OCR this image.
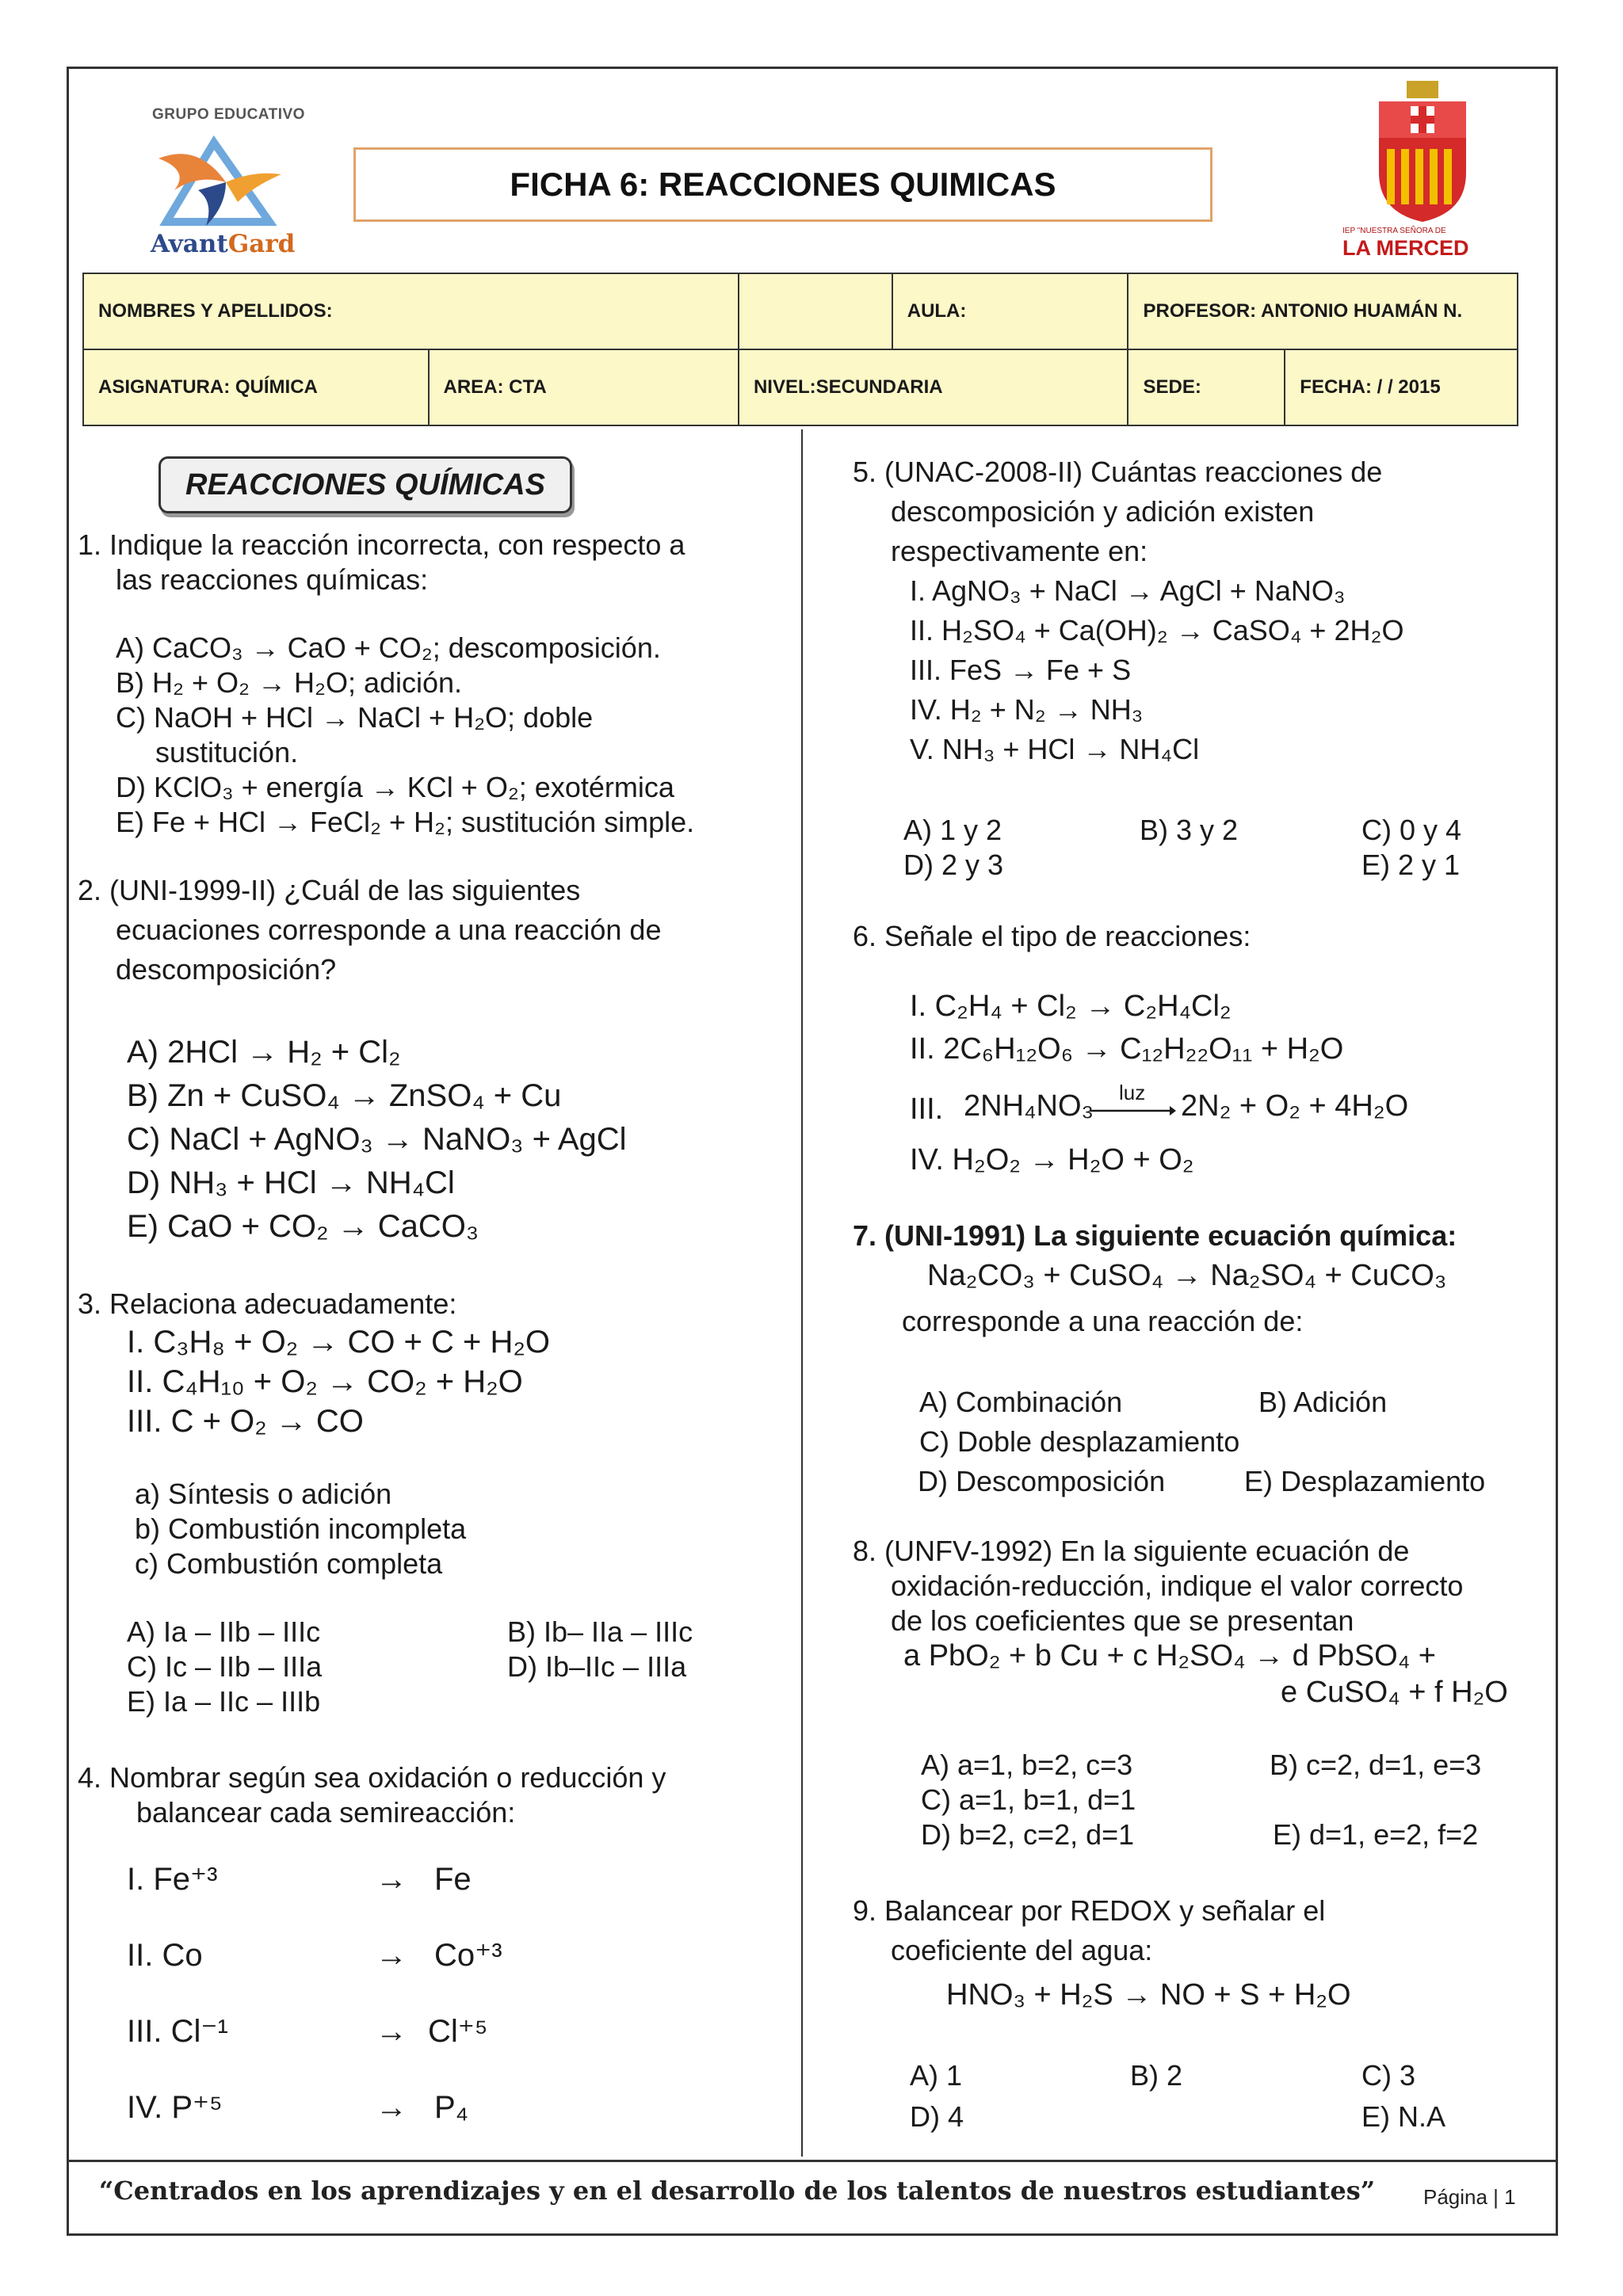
GRUPO EDUCATIVO
AvantGard
FICHA 6: REACCIONES QUIMICAS
IEP "NUESTRA SEÑORA DE
LA MERCED
NOMBRES Y APELLIDOS:			AULA:	PROFESOR: ANTONIO HUAMÁN N.	
ASIGNATURA: QUÍMICA	AREA: CTA	NIVEL:SECUNDARIA		SEDE:	FECHA: / / 2015
REACCIONES QUÍMICAS
1. Indique la reacción incorrecta, con respecto a
las reacciones químicas:
A) CaCO₃ → CaO + CO₂; descomposición.
B) H₂ + O₂ → H₂O; adición.
C) NaOH + HCl → NaCl + H₂O; doble
sustitución.
D) KClO₃ + energía → KCl + O₂; exotérmica
E) Fe + HCl → FeCl₂ + H₂; sustitución simple.
2. (UNI-1999-II) ¿Cuál de las siguientes
ecuaciones corresponde a una reacción de
descomposición?
A) 2HCl → H₂ + Cl₂
B) Zn + CuSO₄ → ZnSO₄ + Cu
C) NaCl + AgNO₃ → NaNO₃ + AgCl
D) NH₃ + HCl → NH₄Cl
E) CaO + CO₂ → CaCO₃
3. Relaciona adecuadamente:
I. C₃H₈ + O₂ → CO + C + H₂O
II. C₄H₁₀ + O₂ → CO₂ + H₂O
III. C + O₂ → CO
a) Síntesis o adición
b) Combustión incompleta
c) Combustión completa
A) Ia – IIb – IIIc	B) Ib– IIa – IIIc
C) Ic – IIb – IIIa	D) Ib–IIc – IIIa
E) Ia – IIc – IIIb
4. Nombrar según sea oxidación o reducción y
balancear cada semireacción:
I. Fe⁺³	→ Fe
II. Co	→ Co⁺³
III. Cl⁻¹	→ Cl⁺⁵
IV. P⁺⁵	→ P₄
5. (UNAC-2008-II) Cuántas reacciones de
descomposición y adición existen
respectivamente en:
I. AgNO₃ + NaCl → AgCl + NaNO₃
II. H₂SO₄ + Ca(OH)₂ → CaSO₄ + 2H₂O
III. FeS → Fe + S
IV. H₂ + N₂ → NH₃
V. NH₃ + HCl → NH₄Cl
A) 1 y 2	B) 3 y 2	C) 0 y 4
D) 2 y 3	E) 2 y 1
6. Señale el tipo de reacciones:
I. C₂H₄ + Cl₂ → C₂H₄Cl₂
II. 2C₆H₁₂O₆ → C₁₂H₂₂O₁₁ + H₂O
III. 2NH₄NO₃ luz 2N₂ + O₂ + 4H₂O
IV. H₂O₂ → H₂O + O₂
7. (UNI-1991) La siguiente ecuación química:
Na₂CO₃ + CuSO₄ → Na₂SO₄ + CuCO₃
corresponde a una reacción de:
A) Combinación	B) Adición
C) Doble desplazamiento
D) Descomposición	E) Desplazamiento
8. (UNFV-1992) En la siguiente ecuación de
oxidación-reducción, indique el valor correcto
de los coeficientes que se presentan
a PbO₂ + b Cu + c H₂SO₄ → d PbSO₄ +
e CuSO₄ + f H₂O
A) a=1, b=2, c=3	B) c=2, d=1, e=3
C) a=1, b=1, d=1
D) b=2, c=2, d=1	E) d=1, e=2, f=2
9. Balancear por REDOX y señalar el
coeficiente del agua:
HNO₃ + H₂S → NO + S + H₂O
A) 1	B) 2	C) 3
D) 4	E) N.A
“Centrados en los aprendizajes y en el desarrollo de los talentos de nuestros estudiantes”	Página | 1
